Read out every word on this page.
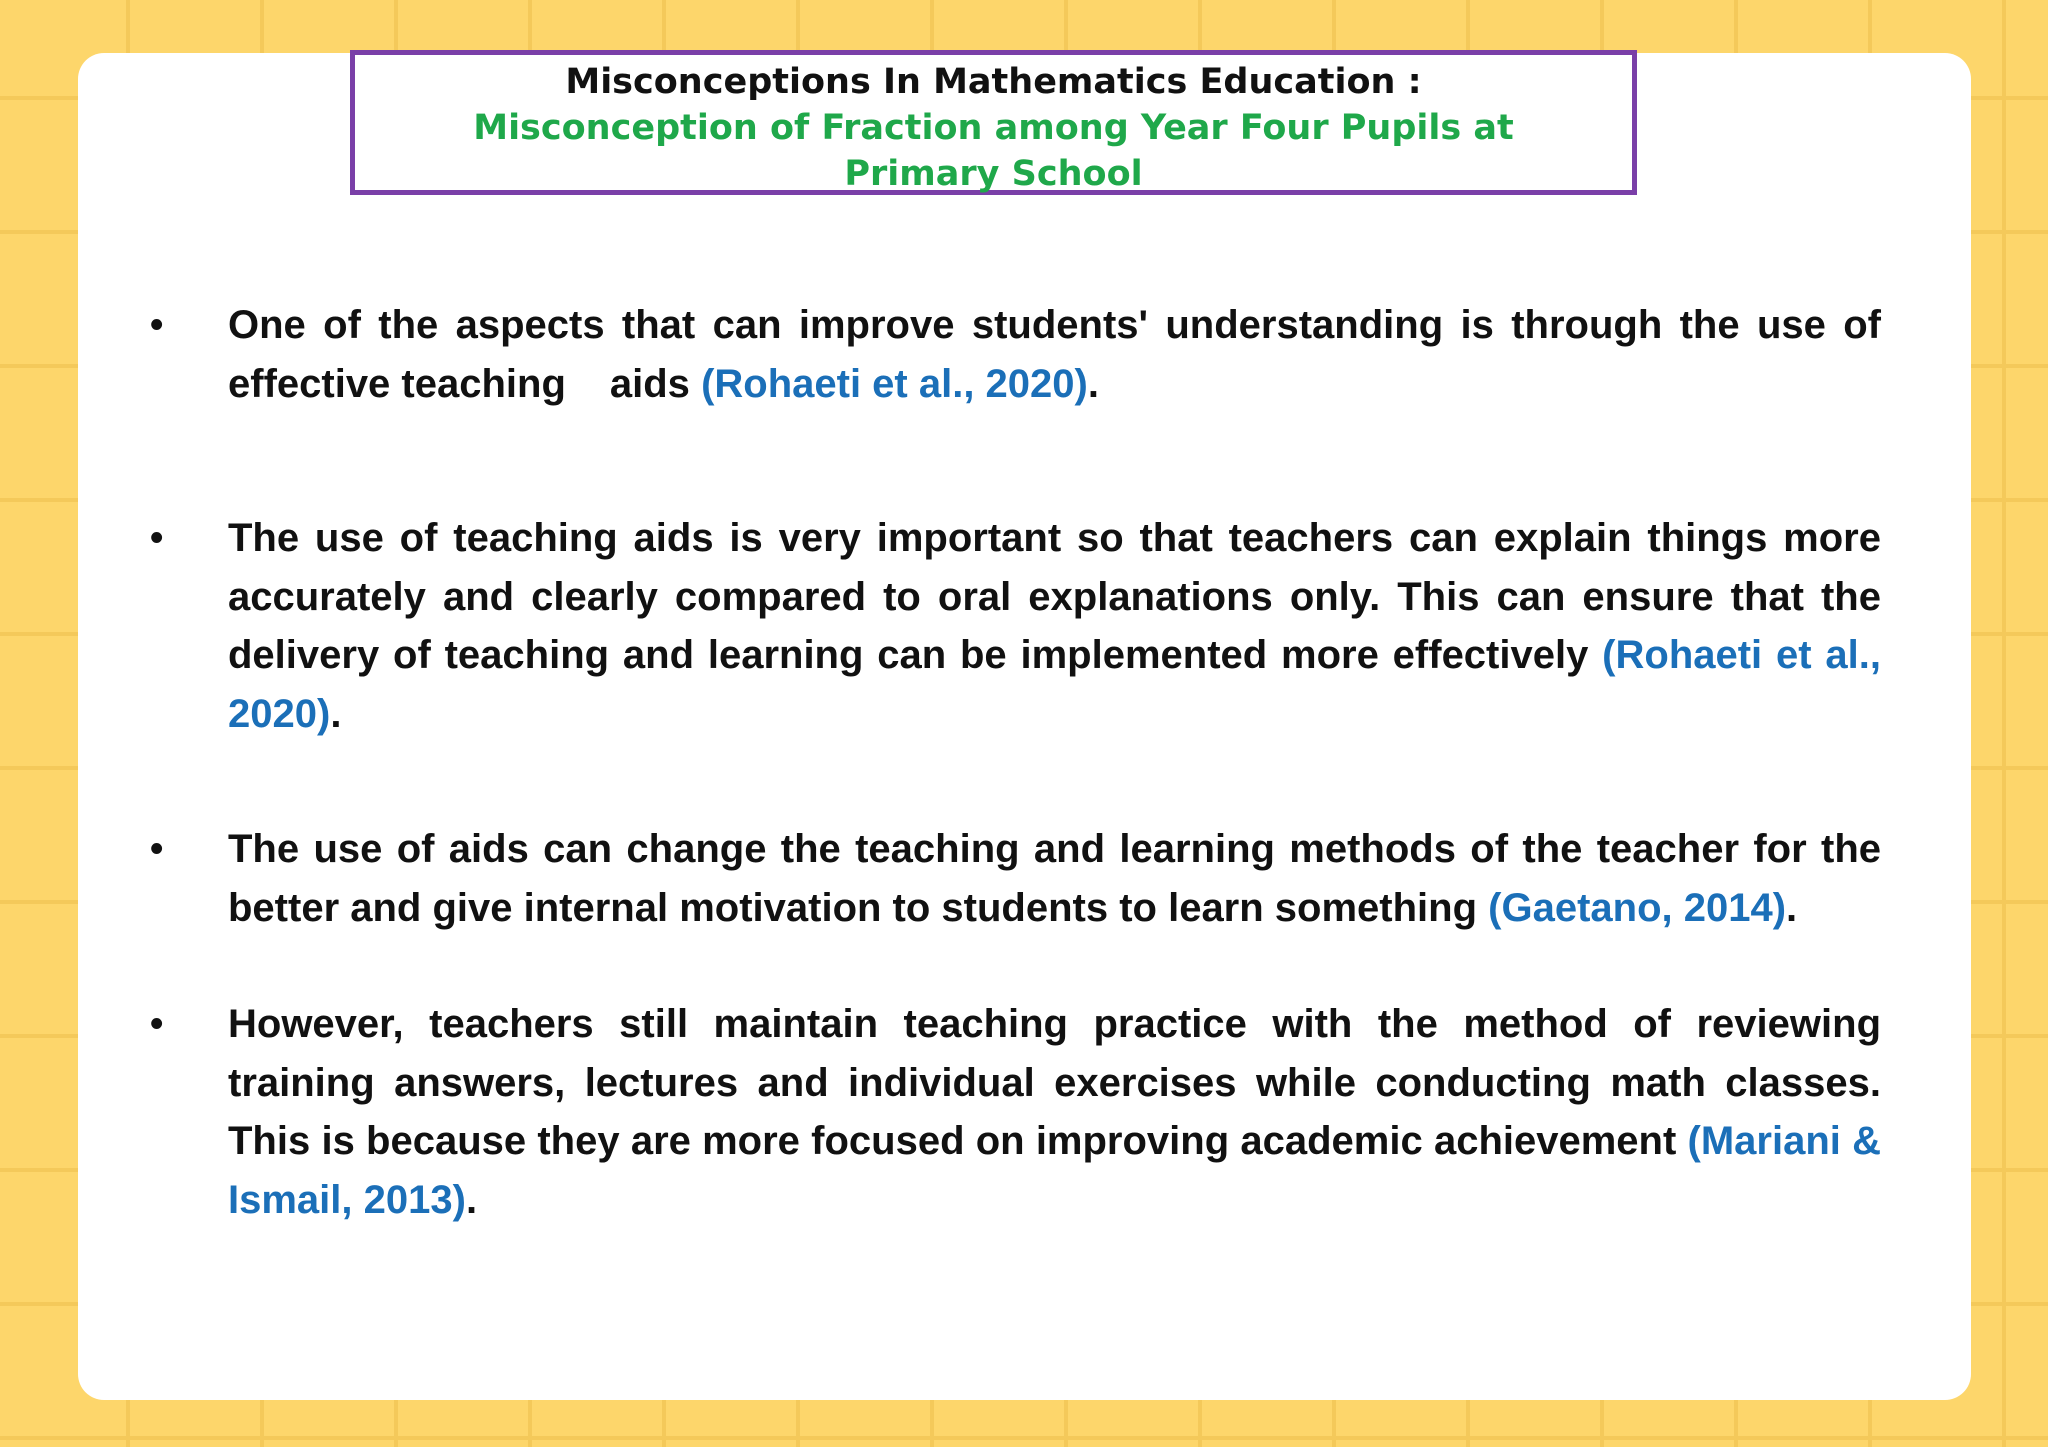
Misconceptions In Mathematics Education :
Misconception of Fraction among Year Four Pupils at Primary School
•	One of the aspects that can improve students' understanding is through the use of effective teaching aids (Rohaeti et al., 2020).
•	The use of teaching aids is very important so that teachers can explain things more accurately and clearly compared to oral explanations only. This can ensure that the delivery of teaching and learning can be implemented more effectively (Rohaeti et al., 2020).
•	The use of aids can change the teaching and learning methods of the teacher for the better and give internal motivation to students to learn something (Gaetano, 2014).
•	However, teachers still maintain teaching practice with the method of reviewing training answers, lectures and individual exercises while conducting math classes. This is because they are more focused on improving academic achievement (Mariani & Ismail, 2013).
